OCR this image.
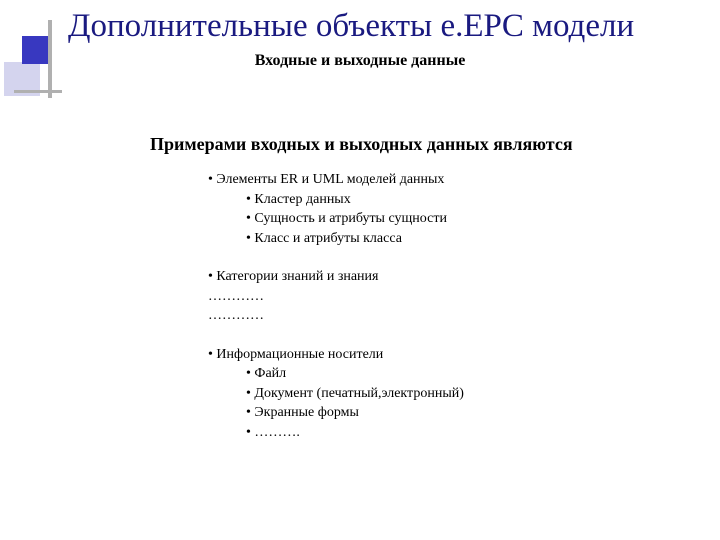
Дополнительные объекты е.EPC модели
Входные и выходные данные
Примерами входных и выходных данных являются
• Элементы ER и UML моделей данных
• Кластер данных
• Сущность и атрибуты сущности
• Класс и атрибуты класса
• Категории знаний и знания
…………
…………
• Информационные носители
• Файл
• Документ (печатный,электронный)
• Экранные формы
• ……….
